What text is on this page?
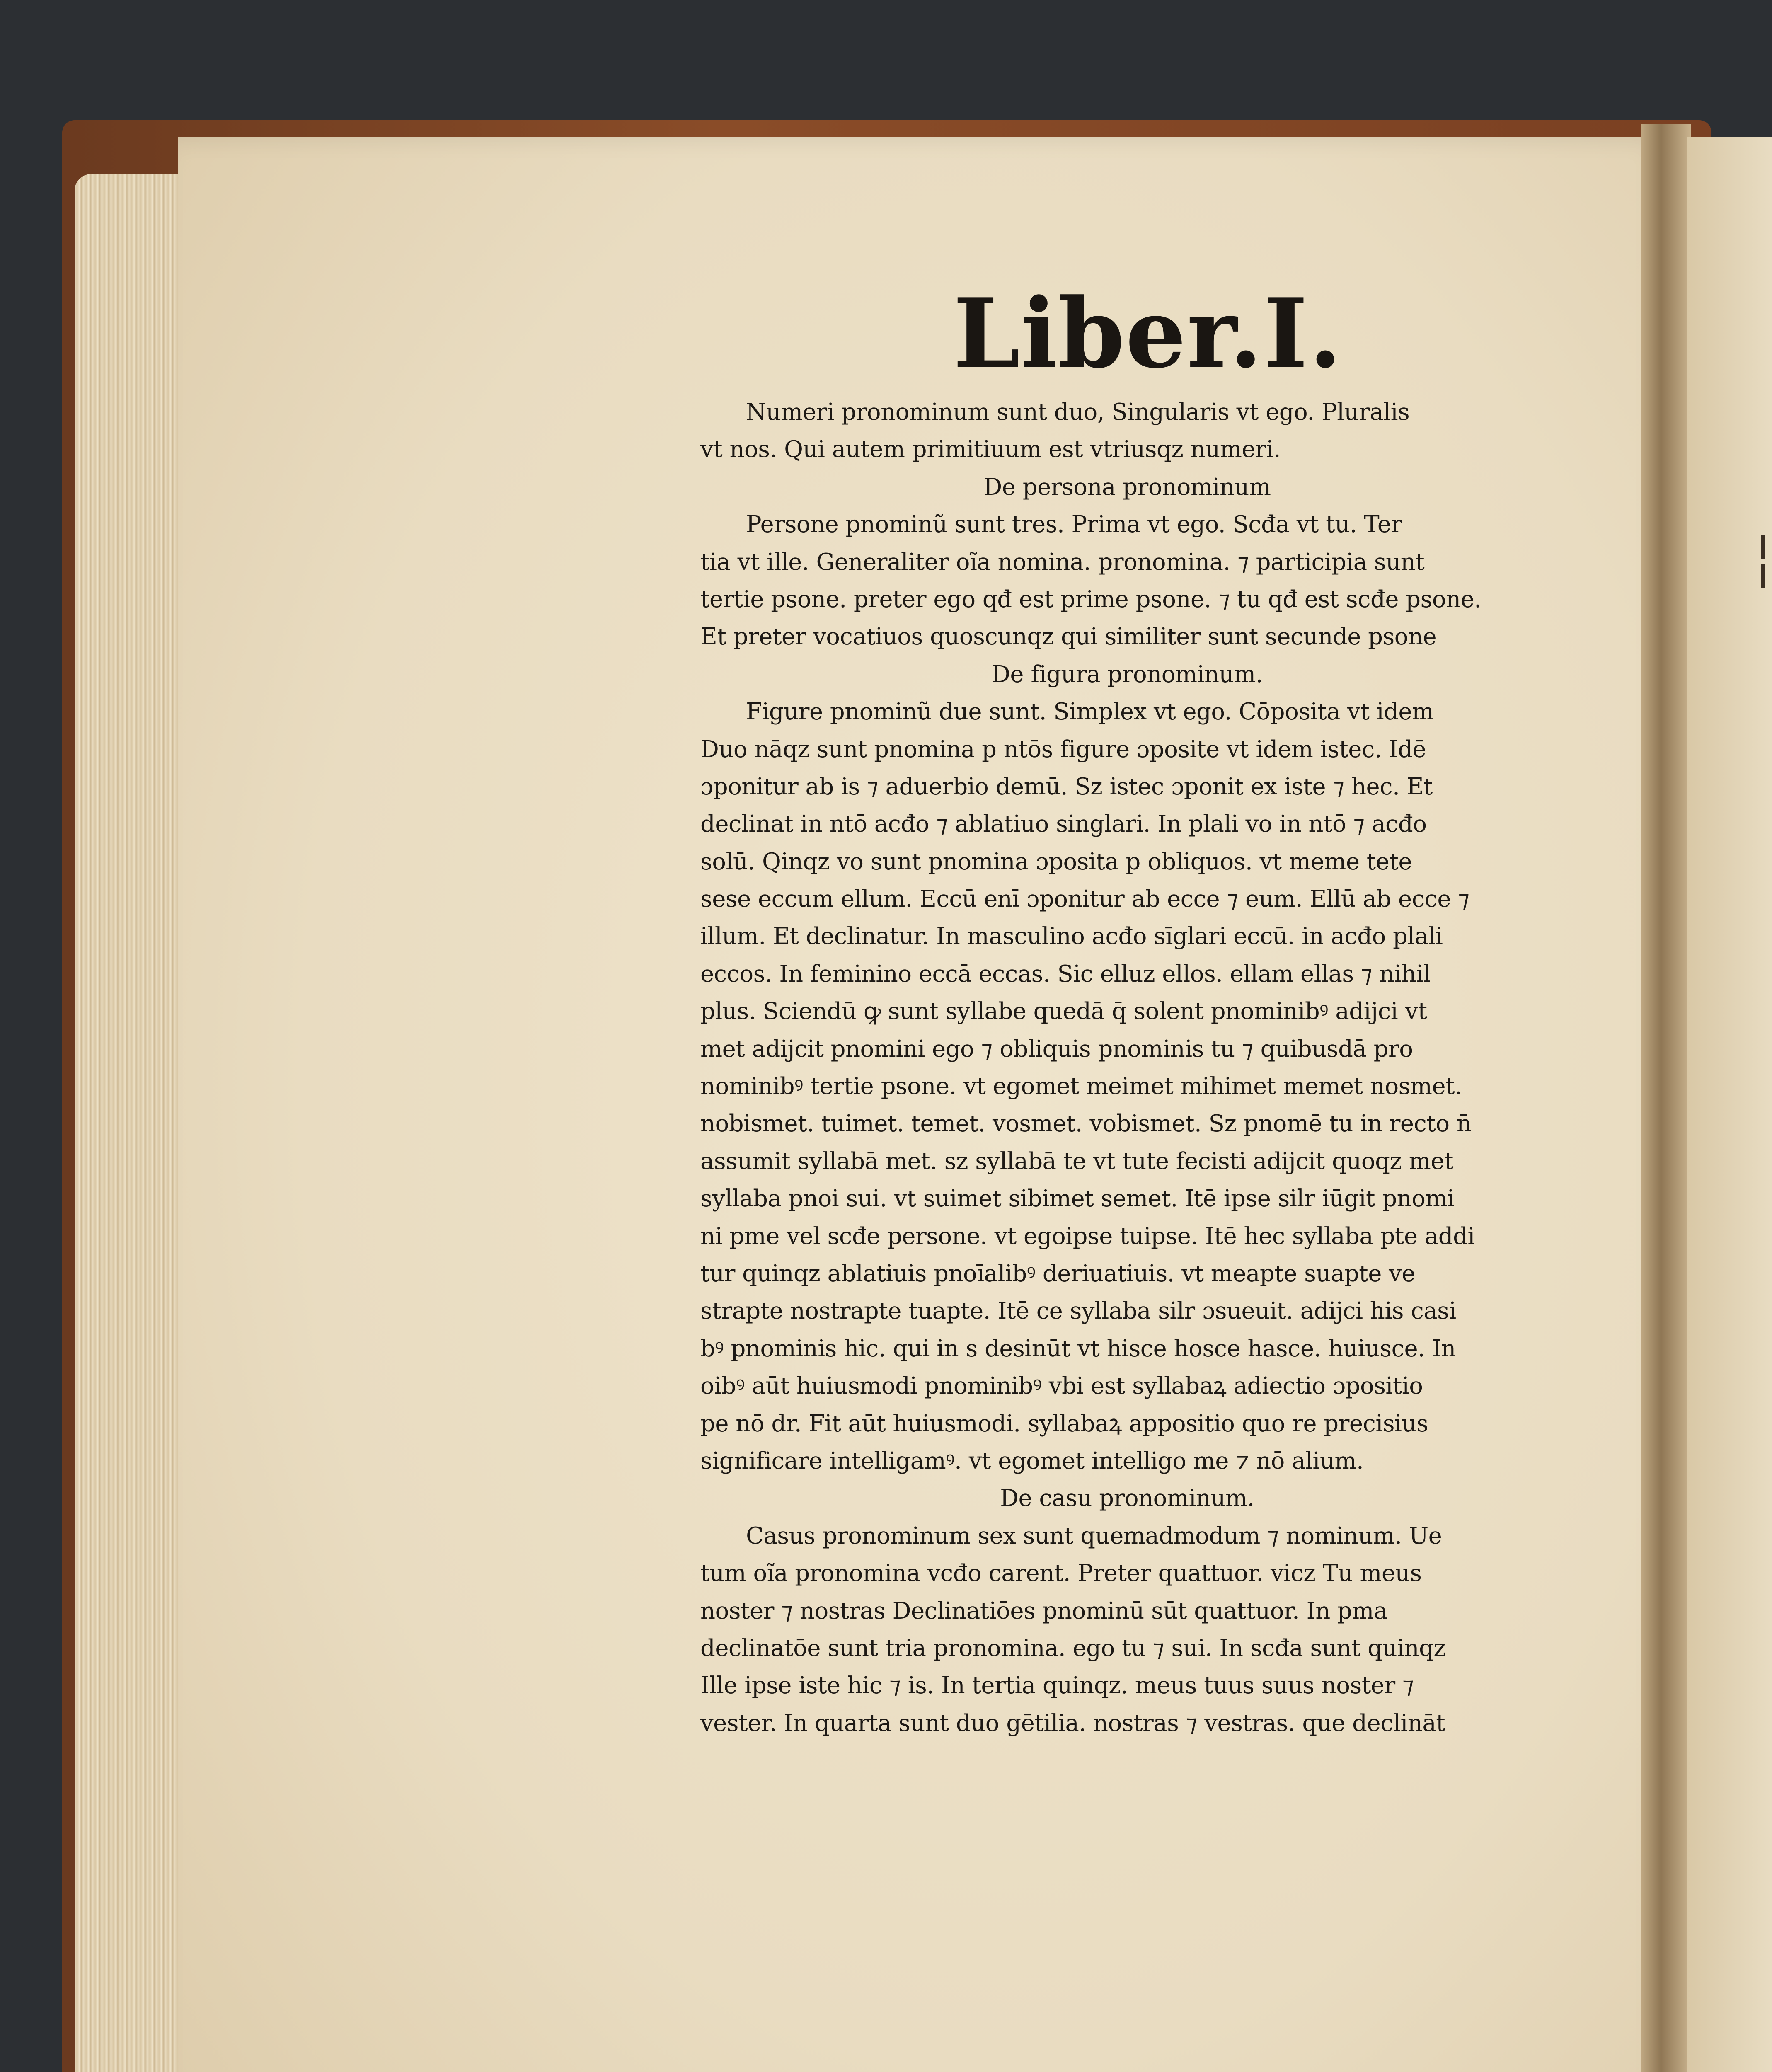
Liber.I.
Numeri pronominum sunt duo, Singularis vt ego. Pluralis
vt nos. Qui autem primitiuum est vtriusqz numeri.
De persona pronominum
Persone pnominũ sunt tres. Prima vt ego. Scđa vt tu. Ter
tia vt ille. Generaliter oĩa nomina. pronomina. ⁊ participia sunt
tertie psone. preter ego qđ est prime psone. ⁊ tu qđ est scđe psone.
Et preter vocatiuos quoscunqz qui similiter sunt secunde psone
De figura pronominum.
Figure pnominũ due sunt. Simplex vt ego. Cōposita vt idem
Duo nāqz sunt pnomina p ntōs figure ɔposite vt idem istec. Idē
ɔponitur ab is ⁊ aduerbio demū. Sz istec ɔponit ex iste ⁊ hec. Et
declinat in ntō acđo ⁊ ablatiuo singlari. In plali vo in ntō ⁊ acđo
solū. Qinqz vo sunt pnomina ɔposita p obliquos. vt meme tete
sese eccum ellum. Eccū enī ɔponitur ab ecce ⁊ eum. Ellū ab ecce ⁊
illum. Et declinatur. In masculino acđo sīglari eccū. in acđo plali
eccos. In feminino eccā eccas. Sic elluz ellos. ellam ellas ⁊ nihil
plus. Sciendū ꝙ sunt syllabe quedā q̄ solent pnominibꝰ adijci vt
met adijcit pnomini ego ⁊ obliquis pnominis tu ⁊ quibusdā pro
nominibꝰ tertie psone. vt egomet meimet mihimet memet nosmet.
nobismet. tuimet. temet. vosmet. vobismet. Sz pnomē tu in recto n̄
assumit syllabā met. sz syllabā te vt tute fecisti adijcit quoqz met
syllaba pnoi sui. vt suimet sibimet semet. Itē ipse silr iūgit pnomi
ni pme vel scđe persone. vt egoipse tuipse. Itē hec syllaba pte addi
tur quinqz ablatiuis pnoīalibꝰ deriuatiuis. vt meapte suapte ve
strapte nostrapte tuapte. Itē ce syllaba silr ɔsueuit. adijci his casi
bꝰ pnominis hic. qui in s desinūt vt hisce hosce hasce. huiusce. In
oibꝰ aūt huiusmodi pnominibꝰ vbi est syllabaꝝ adiectio ɔpositio
pe nō dr. Fit aūt huiusmodi. syllabaꝝ appositio quo re precisius
significare intelligamꝰ. vt egomet intelligo me ⁊ nō alium.
De casu pronominum.
Casus pronominum sex sunt quemadmodum ⁊ nominum. Ue
tum oĩa pronomina vcđo carent. Preter quattuor. vicz Tu meus
noster ⁊ nostras Declinatiōes pnominū sūt quattuor. In pma
declinatōe sunt tria pronomina. ego tu ⁊ sui. In scđa sunt quinqz
Ille ipse iste hic ⁊ is. In tertia quinqz. meus tuus suus noster ⁊
vester. In quarta sunt duo gētilia. nostras ⁊ vestras. que declināt
